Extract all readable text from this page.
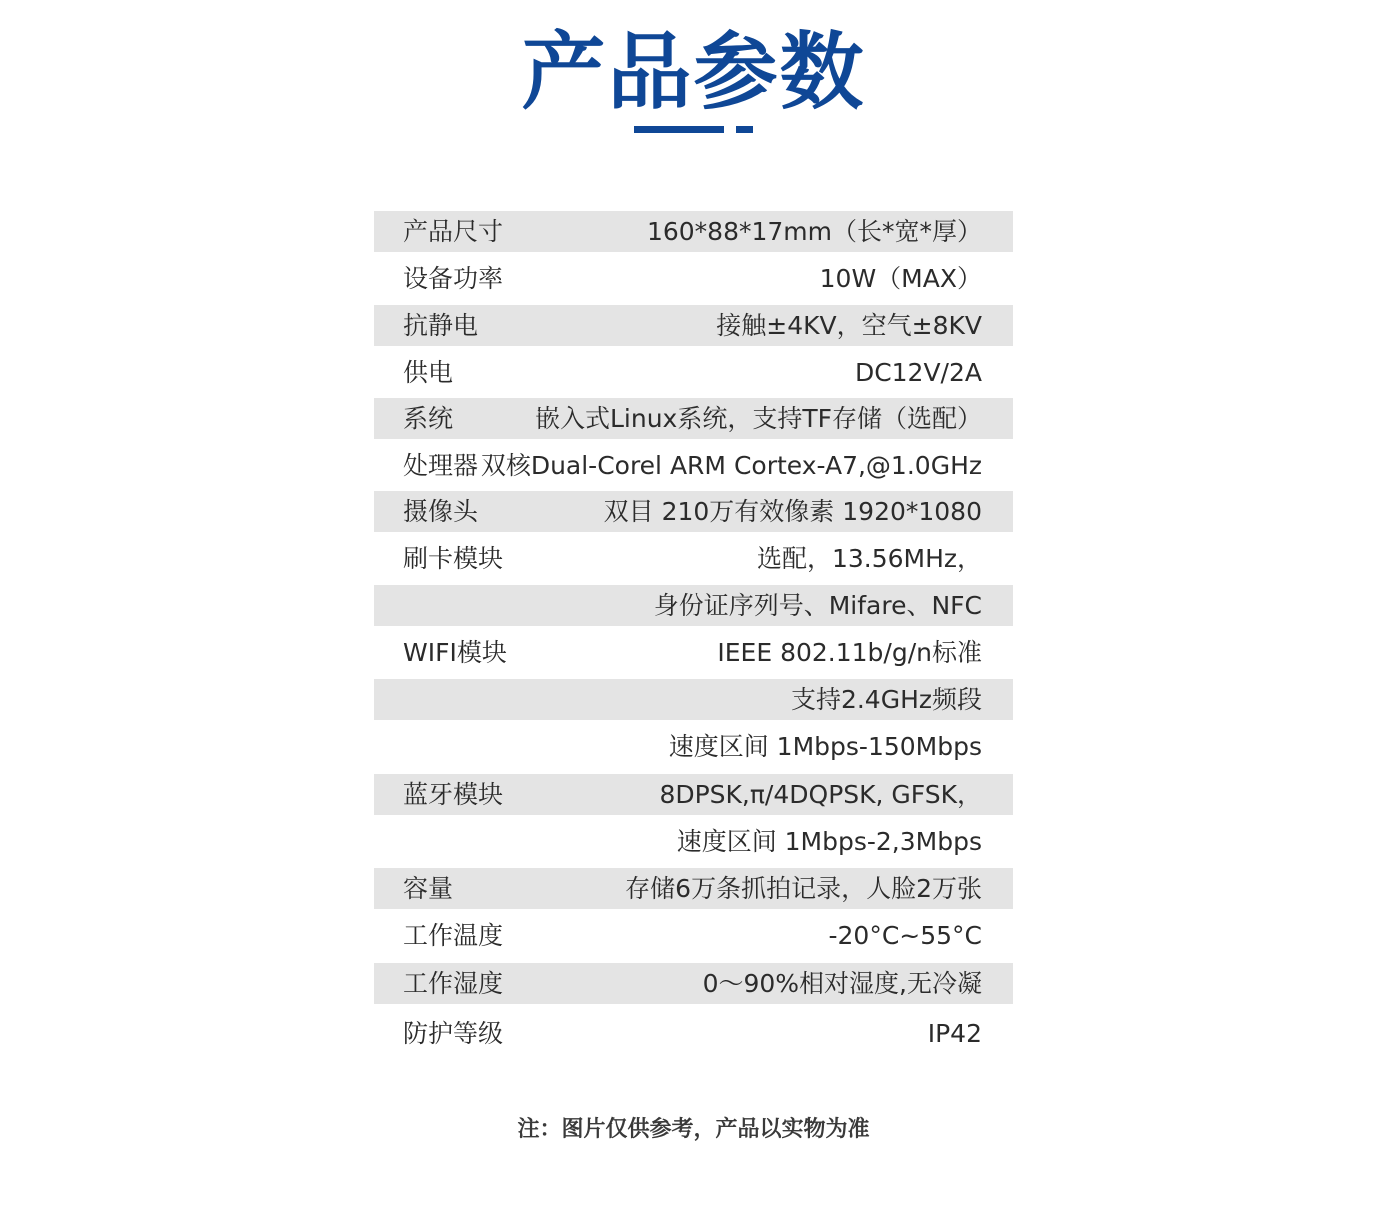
产品参数
产品尺寸	160*88*17mm（长*宽*厚）
设备功率	10W（MAX）
抗静电	接触±4KV，空气±8KV
供电	DC12V/2A
系统	嵌入式Linux系统，支持TF存储（选配）
处理器 双核Dual-Corel ARM Cortex-A7,@1.0GHz
摄像头	双目 210万有效像素 1920*1080
刷卡模块	选配，13.56MHz，
身份证序列号、Mifare、NFC
WIFI模块	IEEE 802.11b/g/n标准
支持2.4GHz频段
速度区间 1Mbps-150Mbps
蓝牙模块	8DPSK,π/4DQPSK, GFSK，
速度区间 1Mbps-2,3Mbps
容量	存储6万条抓拍记录，人脸2万张
工作温度	-20°C~55°C
工作湿度	0～90%相对湿度,无冷凝
防护等级	IP42
注：图片仅供参考，产品以实物为准
